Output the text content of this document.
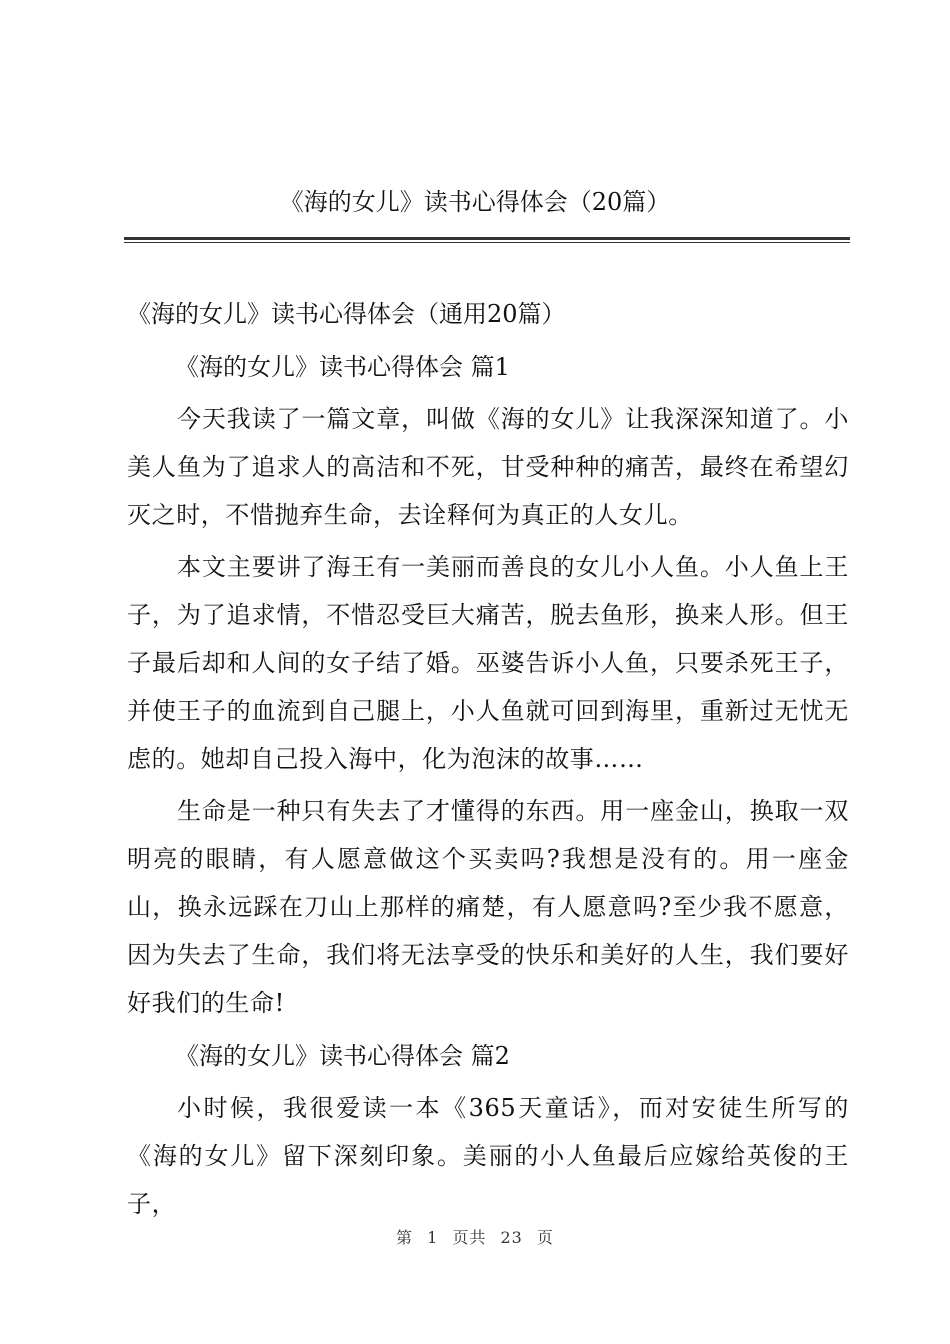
《海的女儿》读书心得体会（20篇）

《海的女儿》读书心得体会（通用20篇）

《海的女儿》读书心得体会 篇1

今天我读了一篇文章，叫做《海的女儿》让我深深知道了。小美人鱼为了追求人的高洁和不死，甘受种种的痛苦，最终在希望幻灭之时，不惜抛弃生命，去诠释何为真正的人女儿。

本文主要讲了海王有一美丽而善良的女儿小人鱼。小人鱼上王子，为了追求情，不惜忍受巨大痛苦，脱去鱼形，换来人形。但王子最后却和人间的女子结了婚。巫婆告诉小人鱼，只要杀死王子，并使王子的血流到自己腿上，小人鱼就可回到海里，重新过无忧无虑的。她却自己投入海中，化为泡沫的故事……

生命是一种只有失去了才懂得的东西。用一座金山，换取一双明亮的眼睛，有人愿意做这个买卖吗?我想是没有的。用一座金山，换永远踩在刀山上那样的痛楚，有人愿意吗?至少我不愿意，因为失去了生命，我们将无法享受的快乐和美好的人生，我们要好好我们的生命!

《海的女儿》读书心得体会 篇2

小时候，我很爱读一本《365天童话》，而对安徒生所写的《海的女儿》留下深刻印象。美丽的小人鱼最后应嫁给英俊的王子，

第 1 页共 23 页
